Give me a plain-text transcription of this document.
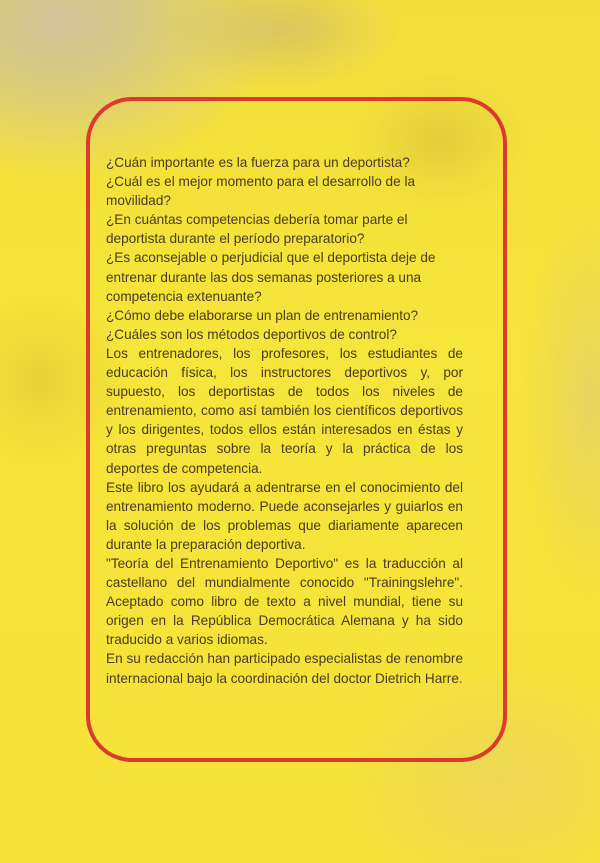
¿Cuán importante es la fuerza para un deportista?

¿Cuál es el mejor momento para el desarrollo de la movilidad?

¿En cuántas competencias debería tomar parte el deportista durante el período preparatorio?

¿Es aconsejable o perjudicial que el deportista deje de entrenar durante las dos semanas posteriores a una competencia extenuante?

¿Cómo debe elaborarse un plan de entrenamiento?

¿Cuáles son los métodos deportivos de control?

Los entrenadores, los profesores, los estudiantes de educación física, los instructores deportivos y, por supuesto, los deportistas de todos los niveles de entrenamiento, como así también los científicos deportivos y los dirigentes, todos ellos están interesados en éstas y otras preguntas sobre la teoría y la práctica de los deportes de competencia.

Este libro los ayudará a adentrarse en el conocimiento del entrenamiento moderno. Puede aconsejarles y guiarlos en la solución de los problemas que diariamente aparecen durante la preparación deportiva.

"Teoría del Entrenamiento Deportivo" es la traducción al castellano del mundialmente conocido "Trainingslehre". Aceptado como libro de texto a nivel mundial, tiene su origen en la República Democrática Alemana y ha sido traducido a varios idiomas.

En su redacción han participado especialistas de renombre internacional bajo la coordinación del doctor Dietrich Harre.
